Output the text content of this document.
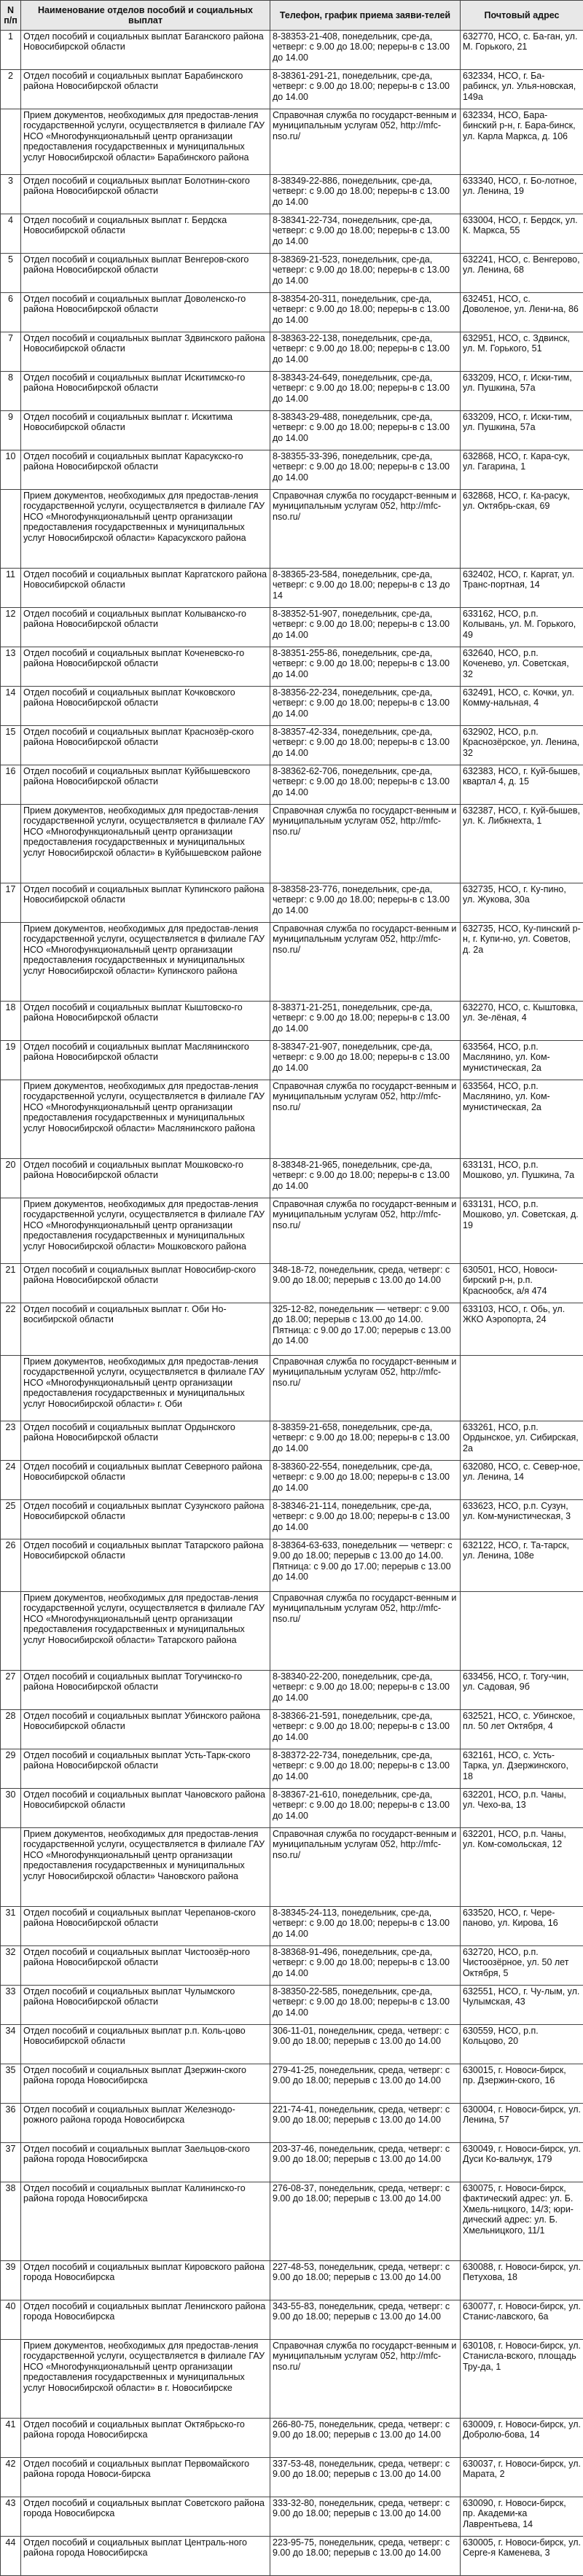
N п/п	Наименование отделов пособий и социальных выплат	Телефон, график приема заяви-телей	Почтовый адрес
1	Отдел пособий и социальных выплат Баганского района Новосибирской области	8-38353-21-408, понедельник, сре-да, четверг: с 9.00 до 18.00; переры-в с 13.00 до 14.00	632770, НСО, с. Ба-ган, ул. М. Горького, 21
2	Отдел пособий и социальных выплат Барабинского района Новосибирской области	8-38361-291-21, понедельник, сре-да, четверг: с 9.00 до 18.00; переры-в с 13.00 до 14.00	632334, НСО, г. Ба-рабинск, ул. Улья-новская, 149а
	Прием документов, необходимых для предостав-ления государственной услуги, осуществляется в филиале ГАУ НСО «Многофункциональный центр организации предоставления государственных и муниципальных услуг Новосибирской области» Барабинского района	Справочная служба по государст-венным и муниципальным услугам 052, http://mfc-nso.ru/	632334, НСО, Бара-бинский р-н, г. Бара-бинск, ул. Карла Маркса, д. 106
3	Отдел пособий и социальных выплат Болотнин-ского района Новосибирской области	8-38349-22-886, понедельник, сре-да, четверг: с 9.00 до 18.00; переры-в с 13.00 до 14.00	633340, НСО, г. Бо-лотное, ул. Ленина, 19
4	Отдел пособий и социальных выплат г. Бердска Новосибирской области	8-38341-22-734, понедельник, сре-да, четверг: с 9.00 до 18.00; переры-в с 13.00 до 14.00	633004, НСО, г. Бердск, ул. К. Маркса, 55
5	Отдел пособий и социальных выплат Венгеров-ского района Новосибирской области	8-38369-21-523, понедельник, сре-да, четверг: с 9.00 до 18.00; переры-в с 13.00 до 14.00	632241, НСО, с. Венгерово, ул. Ленина, 68
6	Отдел пособий и социальных выплат Доволенско-го района Новосибирской области	8-38354-20-311, понедельник, сре-да, четверг: с 9.00 до 18.00; переры-в с 13.00 до 14.00	632451, НСО, с. Доволеное, ул. Лени-на, 86
7	Отдел пособий и социальных выплат Здвинского района Новосибирской области	8-38363-22-138, понедельник, сре-да, четверг: с 9.00 до 18.00; переры-в с 13.00 до 14.00	632951, НСО, с. Здвинск, ул. М. Горького, 51
8	Отдел пособий и социальных выплат Искитимско-го района Новосибирской области	8-38343-24-649, понедельник, сре-да, четверг: с 9.00 до 18.00; переры-в с 13.00 до 14.00	633209, НСО, г. Иски-тим, ул. Пушкина, 57а
9	Отдел пособий и социальных выплат г. Искитима Новосибирской области	8-38343-29-488, понедельник, сре-да, четверг: с 9.00 до 18.00; переры-в с 13.00 до 14.00	633209, НСО, г. Иски-тим, ул. Пушкина, 57а
10	Отдел пособий и социальных выплат Карасукско-го района Новосибирской области	8-38355-33-396, понедельник, сре-да, четверг: с 9.00 до 18.00; переры-в с 13.00 до 14.00	632868, НСО, г. Кара-сук, ул. Гагарина, 1
	Прием документов, необходимых для предостав-ления государственной услуги, осуществляется в филиале ГАУ НСО «Многофункциональный центр организации предоставления государственных и муниципальных услуг Новосибирской области» Карасукского района	Справочная служба по государст-венным и муниципальным услугам 052, http://mfc-nso.ru/	632868, НСО, г. Ка-расук, ул. Октябрь-ская, 69
11	Отдел пособий и социальных выплат Каргатского района Новосибирской области	8-38365-23-584, понедельник, сре-да, четверг: с 9.00 до 18.00; переры-в с 13 до 14	632402, НСО, г. Каргат, ул. Транс-портная, 14
12	Отдел пособий и социальных выплат Колыванско-го района Новосибирской области	8-38352-51-907, понедельник, сре-да, четверг: с 9.00 до 18.00; переры-в с 13.00 до 14.00	633162, НСО, р.п. Колывань, ул. М. Горького, 49
13	Отдел пособий и социальных выплат Коченевско-го района Новосибирской области	8-38351-255-86, понедельник, сре-да, четверг: с 9.00 до 18.00; переры-в с 13.00 до 14.00	632640, НСО, р.п. Коченево, ул. Советская, 32
14	Отдел пособий и социальных выплат Кочковского района Новосибирской области	8-38356-22-234, понедельник, сре-да, четверг: с 9.00 до 18.00; переры-в с 13.00 до 14.00	632491, НСО, с. Кочки, ул. Комму-нальная, 4
15	Отдел пособий и социальных выплат Краснозёр-ского района Новосибирской области	8-38357-42-334, понедельник, сре-да, четверг: с 9.00 до 18.00; переры-в с 13.00 до 14.00	632902, НСО, р.п. Краснозёрское, ул. Ленина, 32
16	Отдел пособий и социальных выплат Куйбышевского района Новосибирской области	8-38362-62-706, понедельник, сре-да, четверг: с 9.00 до 18.00; переры-в с 13.00 до 14.00	632383, НСО, г. Куй-бышев, квартал 4, д. 15
	Прием документов, необходимых для предостав-ления государственной услуги, осуществляется в филиале ГАУ НСО «Многофункциональный центр организации предоставления государственных и муниципальных услуг Новосибирской области» в Куйбышевском районе	Справочная служба по государст-венным и муниципальным услугам 052, http://mfc-nso.ru/	632387, НСО, г. Куй-бышев, ул. К. Либкнехта, 1
17	Отдел пособий и социальных выплат Купинского района Новосибирской области	8-38358-23-776, понедельник, сре-да, четверг: с 9.00 до 18.00; переры-в с 13.00 до 14.00	632735, НСО, г. Ку-пино, ул. Жукова, 30а
	Прием документов, необходимых для предостав-ления государственной услуги, осуществляется в филиале ГАУ НСО «Многофункциональный центр организации предоставления государственных и муниципальных услуг Новосибирской области» Купинского района	Справочная служба по государст-венным и муниципальным услугам 052, http://mfc-nso.ru/	632735, НСО, Ку-пинский р-н, г. Купи-но, ул. Советов, д. 2а
18	Отдел пособий и социальных выплат Кыштовско-го района Новосибирской области	8-38371-21-251, понедельник, сре-да, четверг: с 9.00 до 18.00; переры-в с 13.00 до 14.00	632270, НСО, с. Кыштовка, ул. Зе-лёная, 4
19	Отдел пособий и социальных выплат Маслянинского района Новосибирской области	8-38347-21-907, понедельник, сре-да, четверг: с 9.00 до 18.00; переры-в с 13.00 до 14.00	633564, НСО, р.п. Маслянино, ул. Ком-мунистическая, 2а
	Прием документов, необходимых для предостав-ления государственной услуги, осуществляется в филиале ГАУ НСО «Многофункциональный центр организации предоставления государственных и муниципальных услуг Новосибирской области» Маслянинского района	Справочная служба по государст-венным и муниципальным услугам 052, http://mfc-nso.ru/	633564, НСО, р.п. Маслянино, ул. Ком-мунистическая, 2а
20	Отдел пособий и социальных выплат Мошковско-го района Новосибирской области	8-38348-21-965, понедельник, сре-да, четверг: с 9.00 до 18.00; переры-в с 13.00 до 14.00	633131, НСО, р.п. Мошково, ул. Пушкина, 7а
	Прием документов, необходимых для предостав-ления государственной услуги, осуществляется в филиале ГАУ НСО «Многофункциональный центр организации предоставления государственных и муниципальных услуг Новосибирской области» Мошковского района	Справочная служба по государст-венным и муниципальным услугам 052, http://mfc-nso.ru/	633131, НСО, р.п. Мошково, ул. Советская, д. 19
21	Отдел пособий и социальных выплат Новосибир-ского района Новосибирской области	348-18-72, понедельник, среда, четверг: с 9.00 до 18.00; перерыв с 13.00 до 14.00	630501, НСО, Новоси-бирский р-н, р.п. Краснообск, а/я 474
22	Отдел пособий и социальных выплат г. Оби Но-восибирской области	325-12-82, понедельник — четверг: с 9.00 до 18.00; перерыв с 13.00 до 14.00. Пятница: с 9.00 до 17.00; перерыв с 13.00 до 14.00	633103, НСО, г. Обь, ул. ЖКО Аэропорта, 24
	Прием документов, необходимых для предостав-ления государственной услуги, осуществляется в филиале ГАУ НСО «Многофункциональный центр организации предоставления государственных и муниципальных услуг Новосибирской области» г. Оби	Справочная служба по государст-венным и муниципальным услугам 052, http://mfc-nso.ru/	
23	Отдел пособий и социальных выплат Ордынского района Новосибирской области	8-38359-21-658, понедельник, сре-да, четверг: с 9.00 до 18.00; переры-в с 13.00 до 14.00	633261, НСО, р.п. Ордынское, ул. Сибирская, 2а
24	Отдел пособий и социальных выплат Северного района Новосибирской области	8-38360-22-554, понедельник, сре-да, четверг: с 9.00 до 18.00; переры-в с 13.00 до 14.00	632080, НСО, с. Север-ное, ул. Ленина, 14
25	Отдел пособий и социальных выплат Сузунского района Новосибирской области	8-38346-21-114, понедельник, сре-да, четверг: с 9.00 до 18.00; переры-в с 13.00 до 14.00	633623, НСО, р.п. Сузун, ул. Ком-мунистическая, 3
26	Отдел пособий и социальных выплат Татарского района Новосибирской области	8-38364-63-633, понедельник — четверг: с 9.00 до 18.00; перерыв с 13.00 до 14.00. Пятница: с 9.00 до 17.00; перерыв с 13.00 до 14.00	632122, НСО, г. Та-тарск, ул. Ленина, 108е
	Прием документов, необходимых для предостав-ления государственной услуги, осуществляется в филиале ГАУ НСО «Многофункциональный центр организации предоставления государственных и муниципальных услуг Новосибирской области» Татарского района	Справочная служба по государст-венным и муниципальным услугам 052, http://mfc-nso.ru/	
27	Отдел пособий и социальных выплат Тогучинско-го района Новосибирской области	8-38340-22-200, понедельник, сре-да, четверг: с 9.00 до 18.00; переры-в с 13.00 до 14.00	633456, НСО, г. Тогу-чин, ул. Садовая, 9б
28	Отдел пособий и социальных выплат Убинского района Новосибирской области	8-38366-21-591, понедельник, сре-да, четверг: с 9.00 до 18.00; переры-в с 13.00 до 14.00	632521, НСО, с. Убинское, пл. 50 лет Октября, 4
29	Отдел пособий и социальных выплат Усть-Тарк-ского района Новосибирской области	8-38372-22-734, понедельник, сре-да, четверг: с 9.00 до 18.00; переры-в с 13.00 до 14.00	632161, НСО, с. Усть-Тарка, ул. Дзержинского, 18
30	Отдел пособий и социальных выплат Чановского района Новосибирской области	8-38367-21-610, понедельник, сре-да, четверг: с 9.00 до 18.00; переры-в с 13.00 до 14.00	632201, НСО, р.п. Чаны, ул. Чехо-ва, 13
	Прием документов, необходимых для предостав-ления государственной услуги, осуществляется в филиале ГАУ НСО «Многофункциональный центр организации предоставления государственных и муниципальных услуг Новосибирской области» Чановского района	Справочная служба по государст-венным и муниципальным услугам 052, http://mfc-nso.ru/	632201, НСО, р.п. Чаны, ул. Ком-сомольская, 12
31	Отдел пособий и социальных выплат Черепанов-ского района Новосибирской области	8-38345-24-113, понедельник, сре-да, четверг: с 9.00 до 18.00; переры-в с 13.00 до 14.00	633520, НСО, г. Чере-паново, ул. Кирова, 16
32	Отдел пособий и социальных выплат Чистоозёр-ного района Новосибирской области	8-38368-91-496, понедельник, сре-да, четверг: с 9.00 до 18.00; переры-в с 13.00 до 14.00	632720, НСО, р.п. Чистоозёрное, ул. 50 лет Октября, 5
33	Отдел пособий и социальных выплат Чулымского района Новосибирской области	8-38350-22-585, понедельник, сре-да, четверг: с 9.00 до 18.00; переры-в с 13.00 до 14.00	632551, НСО, г. Чу-лым, ул. Чулымская, 43
34	Отдел пособий и социальных выплат р.п. Коль-цово Новосибирской области	306-11-01, понедельник, среда, четверг: с 9.00 до 18.00; перерыв с 13.00 до 14.00	630559, НСО, р.п. Кольцово, 20
35	Отдел пособий и социальных выплат Дзержин-ского района города Новосибирска	279-41-25, понедельник, среда, четверг: с 9.00 до 18.00; перерыв с 13.00 до 14.00	630015, г. Новоси-бирск, пр. Дзержин-ского, 16
36	Отдел пособий и социальных выплат Железнодо-рожного района города Новосибирска	221-74-41, понедельник, среда, четверг: с 9.00 до 18.00; перерыв с 13.00 до 14.00	630004, г. Новоси-бирск, ул. Ленина, 57
37	Отдел пособий и социальных выплат Заельцов-ского района города Новосибирска	203-37-46, понедельник, среда, четверг: с 9.00 до 18.00; перерыв с 13.00 до 14.00	630049, г. Новоси-бирск, ул. Дуси Ко-вальчук, 179
38	Отдел пособий и социальных выплат Калининско-го района города Новосибирска	276-08-37, понедельник, среда, четверг: с 9.00 до 18.00; перерыв с 13.00 до 14.00	630075, г. Новоси-бирск, фактический адрес: ул. Б. Хмель-ницкого, 14/3; юри-дический адрес: ул. Б. Хмельницкого, 11/1
39	Отдел пособий и социальных выплат Кировского района города Новосибирска	227-48-53, понедельник, среда, четверг: с 9.00 до 18.00; перерыв с 13.00 до 14.00	630088, г. Новоси-бирск, ул. Петухова, 18
40	Отдел пособий и социальных выплат Ленинского района города Новосибирска	343-55-83, понедельник, среда, четверг: с 9.00 до 18.00; перерыв с 13.00 до 14.00	630077, г. Новоси-бирск, ул. Станис-лавского, 6а
	Прием документов, необходимых для предостав-ления государственной услуги, осуществляется в филиале ГАУ НСО «Многофункциональный центр организации предоставления государственных и муниципальных услуг Новосибирской области» в г. Новосибирске	Справочная служба по государст-венным и муниципальным услугам 052, http://mfc-nso.ru/	630108, г. Новоси-бирск, ул. Станисла-вского, площадь Тру-да, 1
41	Отдел пособий и социальных выплат Октябрьско-го района города Новосибирска	266-80-75, понедельник, среда, четверг: с 9.00 до 18.00; перерыв с 13.00 до 14.00	630009, г. Новоси-бирск, ул. Добролю-бова, 14
42	Отдел пособий и социальных выплат Первомайского района города Новоси-бирска	337-53-48, понедельник, среда, четверг: с 9.00 до 18.00; перерыв с 13.00 до 14.00	630037, г. Новоси-бирск, ул. Марата, 2
43	Отдел пособий и социальных выплат Советского района города Новосибирска	333-32-80, понедельник, среда, четверг: с 9.00 до 18.00; перерыв с 13.00 до 14.00	630090, г. Новоси-бирск, пр. Академи-ка Лаврентьева, 14
44	Отдел пособий и социальных выплат Централь-ного района города Новосибирска	223-95-75, понедельник, среда, четверг: с 9.00 до 18.00; перерыв с 13.00 до 14.00	630005, г. Новоси-бирск, ул. Серге-я Каменева, 3
